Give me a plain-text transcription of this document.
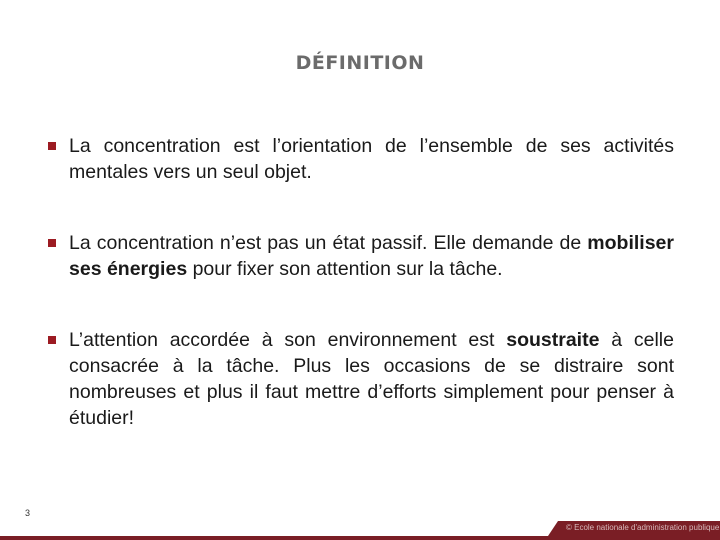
DÉFINITION
La concentration est l’orientation de l’ensemble de ses activités mentales vers un seul objet.
La concentration n’est pas un état passif. Elle demande de mobiliser ses énergies pour fixer son attention sur la tâche.
L’attention accordée à son environnement est soustraite à celle consacrée à la tâche. Plus les occasions de se distraire sont nombreuses et plus il faut mettre d’efforts simplement pour penser à étudier!
3
© Ecole nationale d'administration publique
